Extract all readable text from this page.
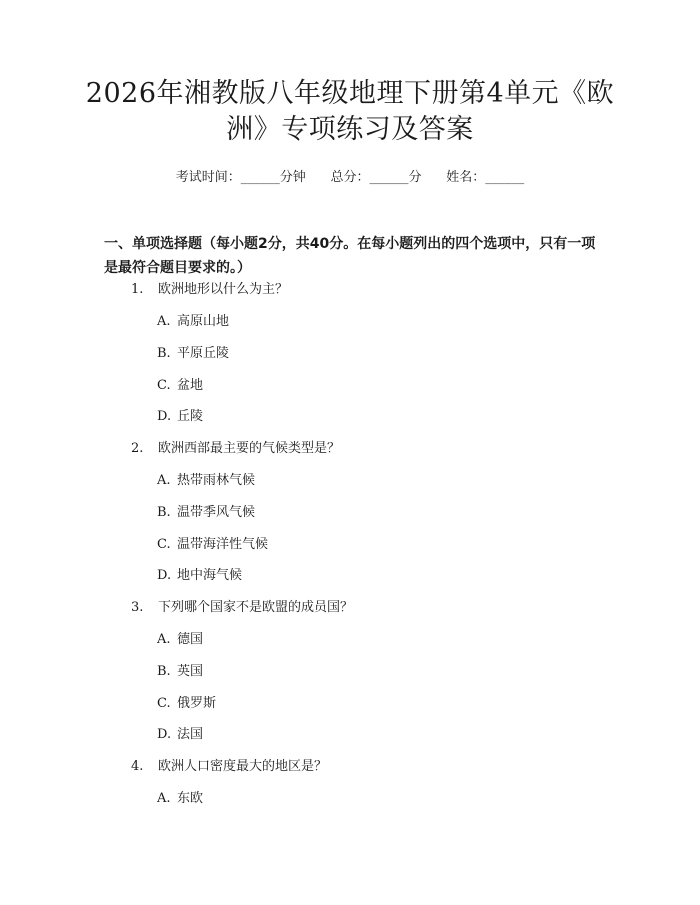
2026年湘教版八年级地理下册第4单元《欧
洲》专项练习及答案
考试时间：______分钟      总分：______分      姓名：______
一、单项选择题（每小题2分，共40分。在每小题列出的四个选项中，只有一项是最符合题目要求的。）
1. 欧洲地形以什么为主？
A. 高原山地
B. 平原丘陵
C. 盆地
D. 丘陵
2. 欧洲西部最主要的气候类型是？
A. 热带雨林气候
B. 温带季风气候
C. 温带海洋性气候
D. 地中海气候
3. 下列哪个国家不是欧盟的成员国？
A. 德国
B. 英国
C. 俄罗斯
D. 法国
4. 欧洲人口密度最大的地区是？
A. 东欧
